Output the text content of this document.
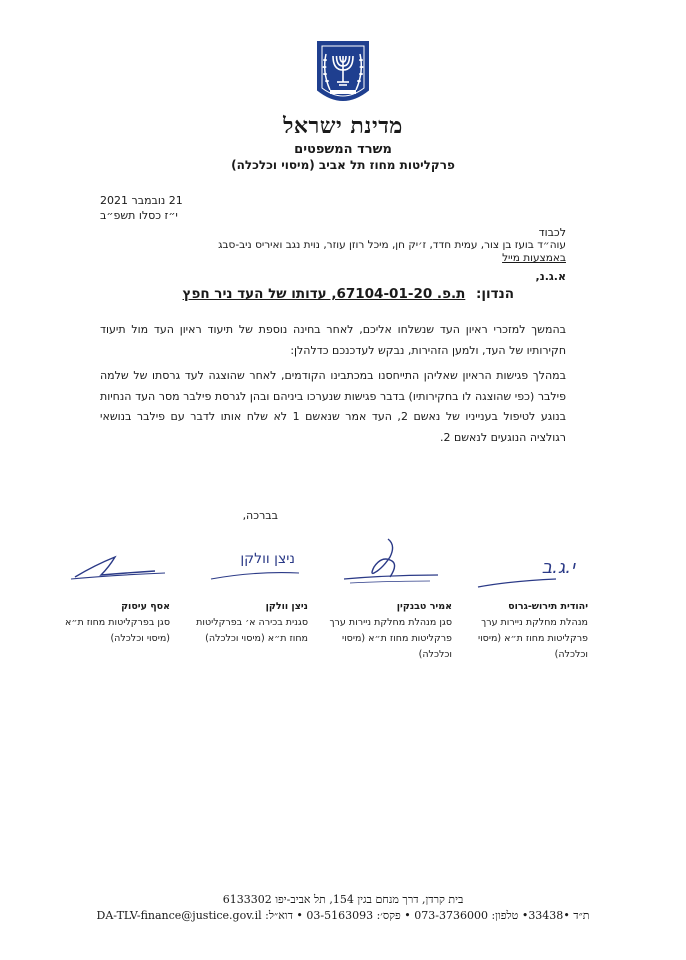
מדינת ישראל
משרד המשפטים
פרקליטות מחוז תל אביב (מיסוי וכלכלה)
21 נובמבר 2021
י״ז כסלו תשפ״ב
לכבוד
עוה״ד בועז בן צור, עמית חדד, ז׳יק חן, מיכל רוזן עוזר, נוית נגב ואיריס ניב-סבג
באמצעות מייל
א.ג.נ,
הנדון: ת.פ. 67104-01-20, עדותו של העד ניר חפץ
בהמשך למזכרי ראיון העד שנשלחו אליכם, לאחר בחינה נוספת של תיעוד ראיון העד מול תיעוד חקירותיו של העד, ולמען הזהירות, נבקש לעדכנכם כדלהלן:
במהלך פגישות הראיון שאליהן התייחסנו במכתבינו הקודמים, לאחר שהוצגה לעד גרסתו של שלמה פילבר (כפי שהוצגה לו בחקירותיו) בדבר פגישות שנערכו ביניהם ובהן לגרסת פילבר מסר העד הנחיות בנוגע לטיפול בענייניו של נאשם 2, העד אמר שנאשם 1 לא שלח אותו לדבר עם פילבר בנושאי רגולציה הנוגעים לנאשם 2.
בברכה,
י.ג.ב
ניצן וולקן
יהודית תירוש-גרוס
מנהלת מחלקת ניירות ערך פרקליטות מחוז ת״א (מיסוי וכלכלה)
אמיר טבנקין
סגן מנהלת מחלקת ניירות ערך פרקליטות מחוז ת״א (מיסוי וכלכלה)
ניצן וולקן
סגנית בכירה א׳ בפרקליטות מחוז ת״א (מיסוי וכלכלה)
אסף עיסוק
סגן בפרקליטות מחוז ת״א (מיסוי וכלכלה)
בית קרדן, דרך מנחם בגין 154, תל אביב-יפו 6133302
ת״ד •33438• טלפון: 073-3736000 • פקס׳: 03-5163093 • דוא״ל: DA-TLV-finance@justice.gov.il
